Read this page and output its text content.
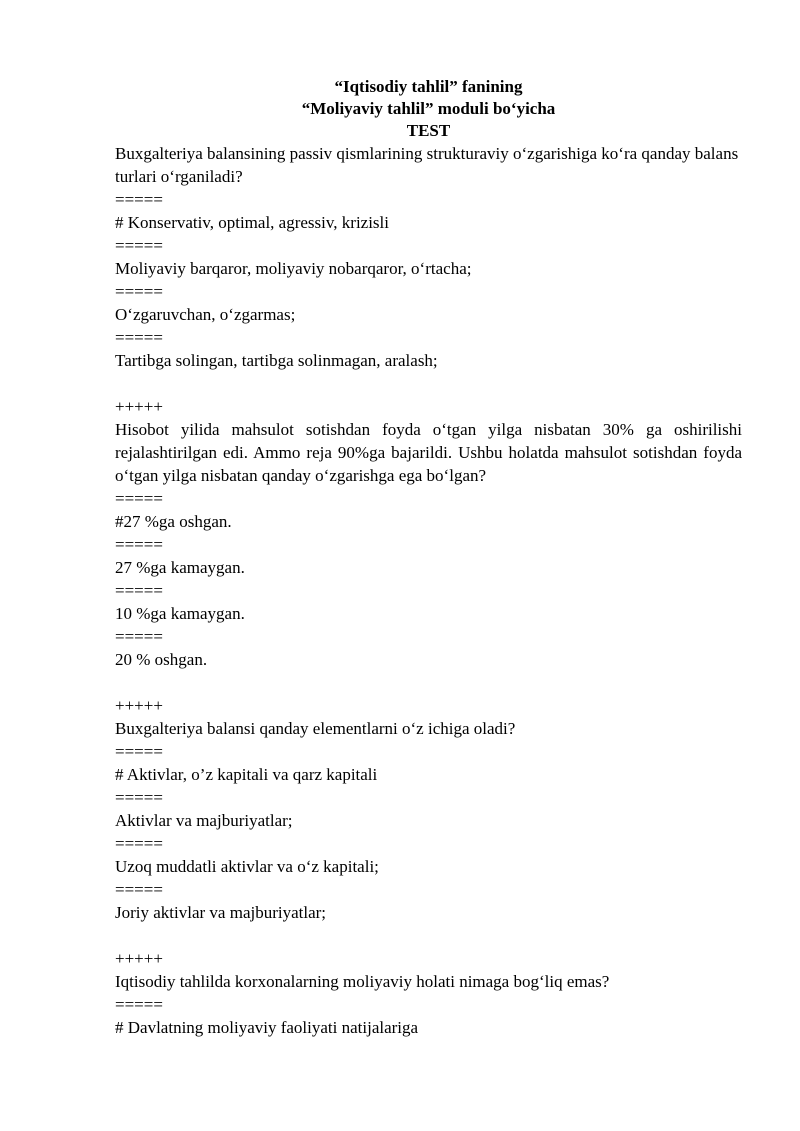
“Iqtisodiy tahlil” fanining
“Moliyaviy tahlil” moduli bo‘yicha
TEST
Buxgalteriya balansining passiv qismlarining strukturaviy o‘zgarishiga ko‘ra qanday balans turlari o‘rganiladi?
=====
# Konservativ, optimal, agressiv, krizisli
=====
Moliyaviy barqaror, moliyaviy nobarqaror, o‘rtacha;
=====
O‘zgaruvchan, o‘zgarmas;
=====
Tartibga solingan, tartibga solinmagan, aralash;
+++++
Hisobot yilida mahsulot sotishdan foyda o‘tgan yilga nisbatan 30% ga oshirilishi rejalashtirilgan edi. Ammo reja 90%ga bajarildi. Ushbu holatda mahsulot sotishdan foyda o‘tgan yilga nisbatan qanday o‘zgarishga ega bo‘lgan?
=====
#27 %ga oshgan.
=====
27 %ga kamaygan.
=====
10 %ga kamaygan.
=====
20 % oshgan.
+++++
Buxgalteriya balansi qanday elementlarni o‘z ichiga oladi?
=====
# Aktivlar, o’z kapitali va qarz kapitali
=====
Aktivlar va majburiyatlar;
=====
Uzoq muddatli aktivlar va o‘z kapitali;
=====
Joriy aktivlar va majburiyatlar;
+++++
Iqtisodiy tahlilda korxonalarning moliyaviy holati nimaga bog‘liq emas?
=====
# Davlatning moliyaviy faoliyati natijalariga
